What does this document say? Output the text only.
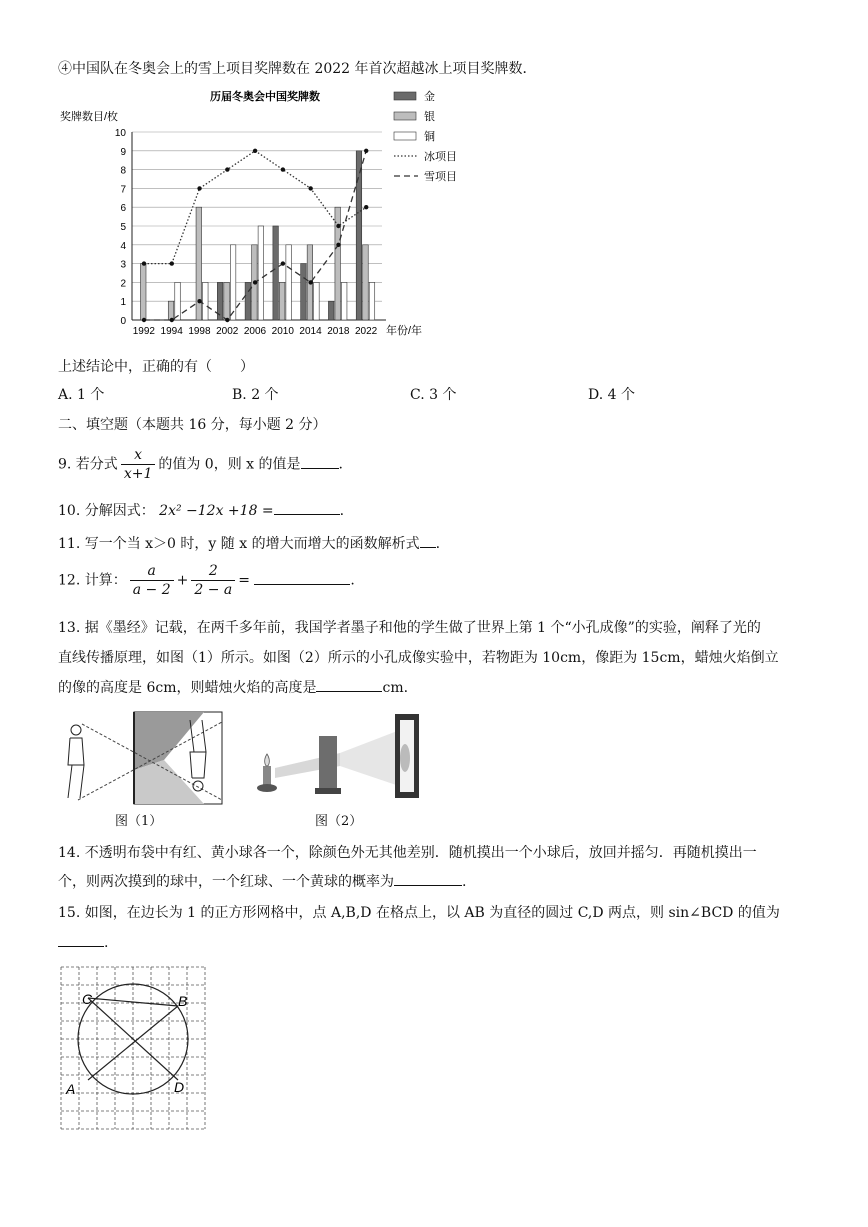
④中国队在冬奥会上的雪上项目奖牌数在 2022 年首次超越冰上项目奖牌数．
历届冬奥会中国奖牌数
奖牌数目/枚
年份/年
0
1
2
3
4
5
6
7
8
9
10
1992 1994 1998 2002 2006 2010 2014 2018 2022
金
银
铜
冰项目
雪项目
上述结论中，正确的有（　　）
A. 1 个	B. 2 个	C. 3 个	D. 4 个
二、填空题（本题共 16 分，每小题 2 分）
9. 若分式 $\frac{x}{x+1}$ 的值为 0，则 x 的值是	.
10. 分解因式： 2x² −12x +18 =	.
11. 写一个当 x＞0 时，y 随 x 的增大而增大的函数解析式 .
12. 计算： $\frac{a}{a - 2} + \frac{2}{2 - a}$ =	.
13. 据《墨经》记载，在两千多年前，我国学者墨子和他的学生做了世界上第 1 个“小孔成像”的实验，阐释了光的
直线传播原理，如图（1）所示。如图（2）所示的小孔成像实验中，若物距为 10cm，像距为 15cm，蜡烛火焰倒立
的像的高度是 6cm，则蜡烛火焰的高度是	cm.
图（1）	图（2）
14. 不透明布袋中有红、黄小球各一个，除颜色外无其他差别．随机摸出一个小球后，放回并摇匀．再随机摸出一
个，则两次摸到的球中，一个红球、一个黄球的概率为	.
15. 如图，在边长为 1 的正方形网格中，点 A,B,D 在格点上，以 AB 为直径的圆过 C,D 两点，则 sin∠BCD 的值为
.
C	B
A	D
